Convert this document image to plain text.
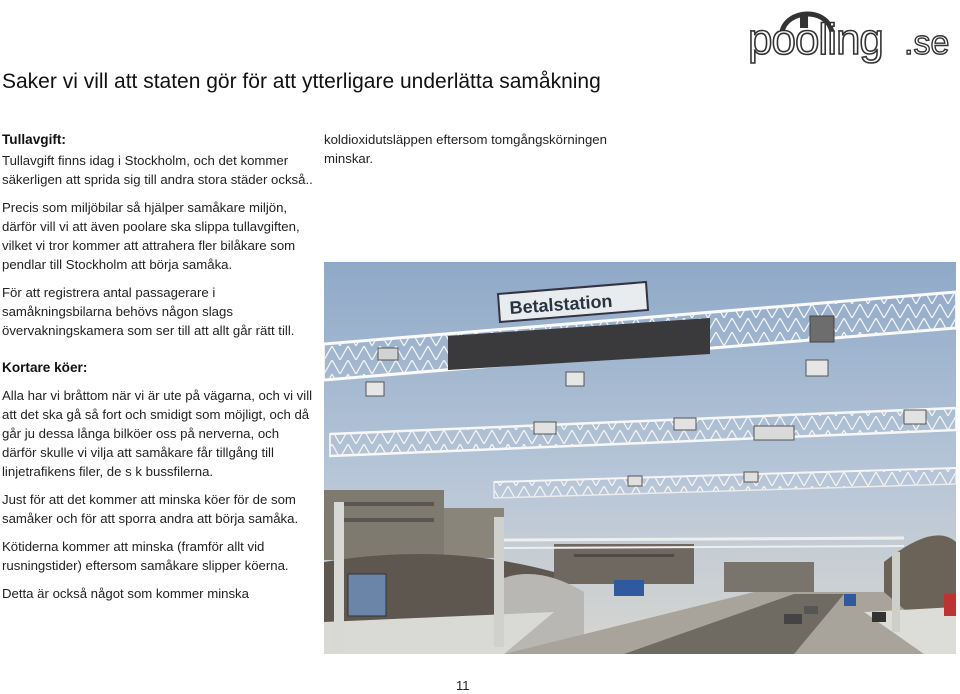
pooling .se
Saker vi vill att staten gör för att ytterligare underlätta samåkning
Tullavgift:

Tullavgift finns idag i Stockholm, och det kommer säkerligen att sprida sig till andra stora städer också..

Precis som miljöbilar så hjälper samåkare miljön, därför vill vi att även poolare ska slippa tullavgiften, vilket vi tror kommer att attrahera fler bilåkare som pendlar till Stockholm att börja samåka.

För att registrera antal passagerare i samåkningsbilarna behövs någon slags övervakningskamera som ser till att allt går rätt till.

Kortare köer:

Alla har vi bråttom när vi är ute på vägarna, och vi vill att det ska gå så fort och smidigt som möjligt, och då går ju dessa långa bilköer oss på nerverna, och därför skulle vi vilja att samåkare får tillgång till linjetrafikens filer, de s k bussfilerna.

Just för att det kommer att minska köer för de som samåker och för att sporra andra att börja samåka.

Kötiderna kommer att minska (framför allt vid rusningstider) eftersom samåkare slipper köerna.

Detta är också något som kommer minska

koldioxidutsläppen eftersom tomgångskörningen minskar.

Betalstation
11
